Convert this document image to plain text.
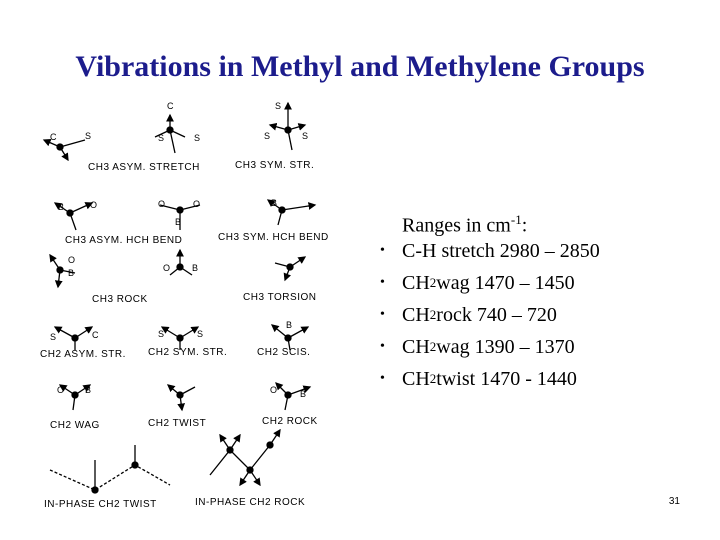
Vibrations in Methyl and Methylene Groups
C	S
C
S	S
S
S	S
CH3 ASYM. STRETCH	CH3 SYM. STR.
B	O	O	O
B
B
CH3 ASYM. HCH BEND	CH3 SYM. HCH BEND
O
B	O B
CH3 ROCK	CH3 TORSION
S	C	S	S
B
CH2 ASYM. STR. CH2 SYM. STR.	CH2 SCIS.
O B	O	B
CH2 WAG	CH2 TWIST	CH2 ROCK
IN-PHASE CH2 TWIST	IN-PHASE CH2 ROCK
Ranges in $cm^{-1}$:
• C-H stretch 2980 – 2850
• CH 2 wag 1470 – 1450
• CH 2 rock 740 – 720
• CH 2 wag 1390 – 1370
• CH 2 twist 1470 - 1440
31
